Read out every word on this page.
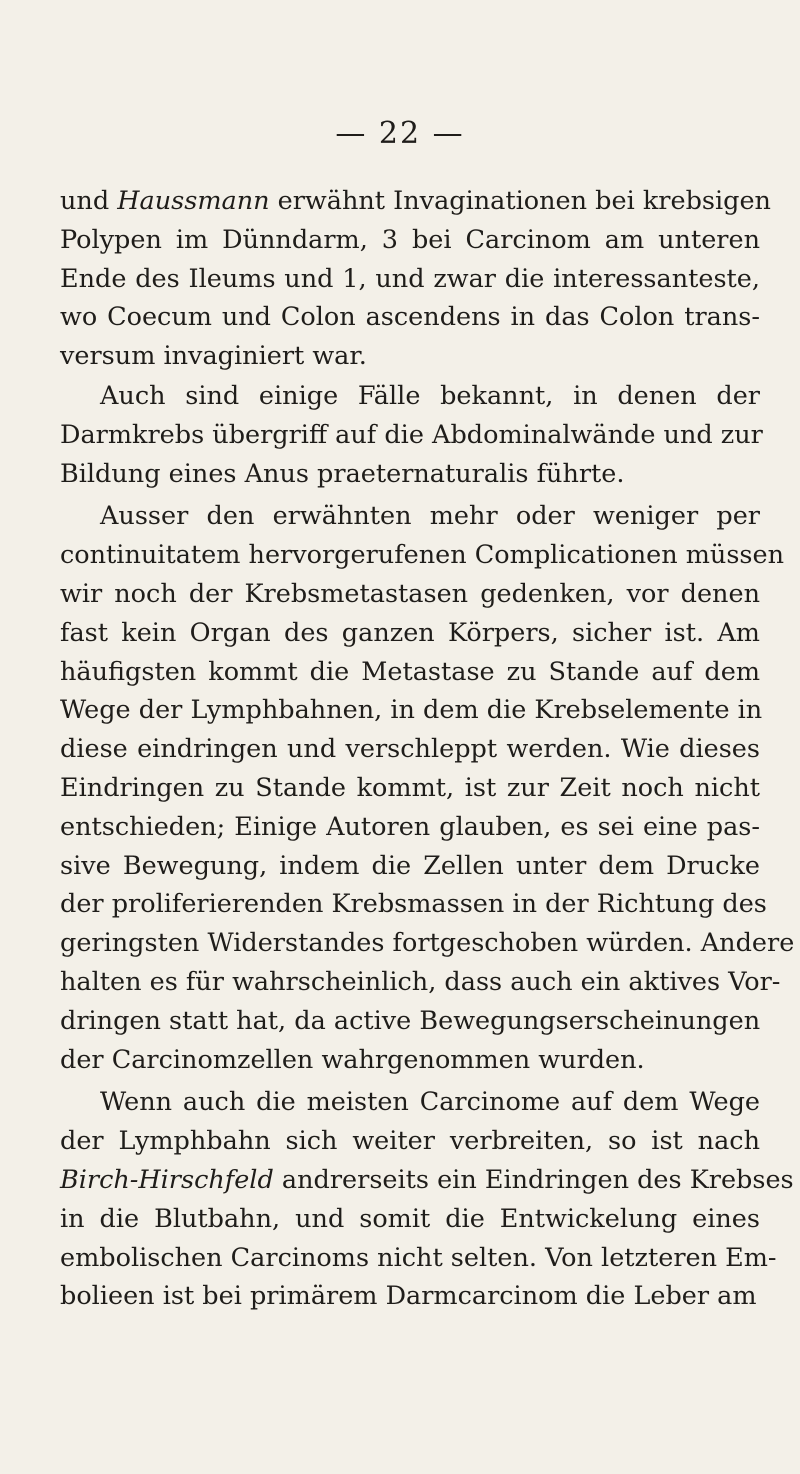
— 22 —
und Haussmann erwähnt Invaginationen bei krebsigen
Polypen im Dünndarm, 3 bei Carcinom am unteren
Ende des Ileums und 1, und zwar die interessanteste,
wo Coecum und Colon ascendens in das Colon trans-
versum invaginiert war.
Auch sind einige Fälle bekannt, in denen der
Darmkrebs übergriff auf die Abdominalwände und zur
Bildung eines Anus praeternaturalis führte.
Ausser den erwähnten mehr oder weniger per
continuitatem hervorgerufenen Complicationen müssen
wir noch der Krebsmetastasen gedenken, vor denen
fast kein Organ des ganzen Körpers, sicher ist. Am
häufigsten kommt die Metastase zu Stande auf dem
Wege der Lymphbahnen, in dem die Krebselemente in
diese eindringen und verschleppt werden. Wie dieses
Eindringen zu Stande kommt, ist zur Zeit noch nicht
entschieden; Einige Autoren glauben, es sei eine pas-
sive Bewegung, indem die Zellen unter dem Drucke
der proliferierenden Krebsmassen in der Richtung des
geringsten Widerstandes fortgeschoben würden. Andere
halten es für wahrscheinlich, dass auch ein aktives Vor-
dringen statt hat, da active Bewegungserscheinungen
der Carcinomzellen wahrgenommen wurden.
Wenn auch die meisten Carcinome auf dem Wege
der Lymphbahn sich weiter verbreiten, so ist nach
Birch-Hirschfeld andrerseits ein Eindringen des Krebses
in die Blutbahn, und somit die Entwickelung eines
embolischen Carcinoms nicht selten. Von letzteren Em-
bolieen ist bei primärem Darmcarcinom die Leber am
